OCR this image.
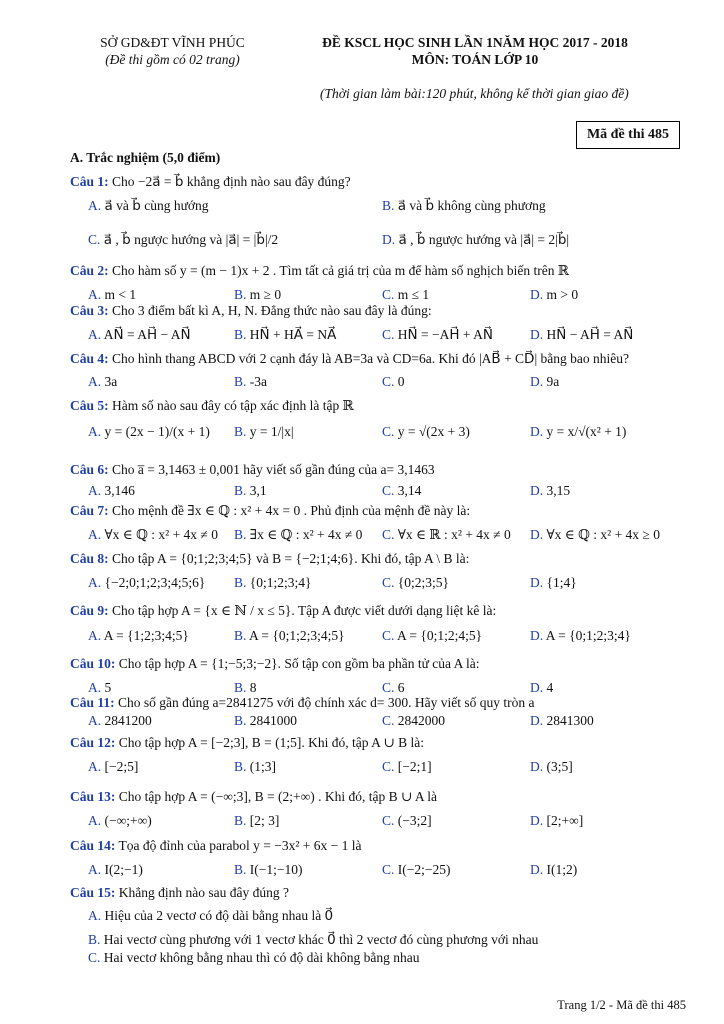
SỞ GD&ĐT VĨNH PHÚC
(Đề thi gồm có 02 trang)
ĐỀ KSCL HỌC SINH LẦN 1NĂM HỌC 2017 - 2018
MÔN: TOÁN LỚP 10
(Thời gian làm bài:120 phút, không kể thời gian giao đề)
Mã đề thi 485
A. Trắc nghiệm (5,0 điểm)
Câu 1: Cho −2a⃗ = b⃗ khẳng định nào sau đây đúng?
A. a⃗ và b⃗ cùng hướng	B. a⃗ và b⃗ không cùng phương
C. a⃗ , b⃗ ngược hướng và |a⃗| = |b⃗|/2	D. a⃗ , b⃗ ngược hướng và |a⃗| = 2|b⃗|
Câu 2: Cho hàm số y = (m − 1)x + 2 . Tìm tất cả giá trị của m để hàm số nghịch biến trên ℝ
A. m < 1	B. m ≥ 0	C. m ≤ 1	D. m > 0
Câu 3: Cho 3 điểm bất kì A, H, N. Đẳng thức nào sau đây là đúng:
A. AN⃗ = AH⃗ − AN⃗	B. HN⃗ + HA⃗ = NA⃗	C. HN⃗ = −AH⃗ + AN⃗	D. HN⃗ − AH⃗ = AN⃗
Câu 4: Cho hình thang ABCD với 2 cạnh đáy là AB=3a và CD=6a. Khi đó |AB⃗ + CD⃗| bằng bao nhiêu?
A. 3a	B. -3a	C. 0	D. 9a
Câu 5: Hàm số nào sau đây có tập xác định là tập ℝ
A. y = (2x − 1)/(x + 1) B. y = 1/|x|	C. y = √(2x + 3)	D. y = x/√(x² + 1)
Câu 6: Cho a̅ = 3,1463 ± 0,001 hãy viết số gần đúng của a= 3,1463
A. 3,146	B. 3,1	C. 3,14	D. 3,15
Câu 7: Cho mệnh đề ∃x ∈ ℚ : x² + 4x = 0 . Phủ định của mệnh đề này là:
A. ∀x ∈ ℚ : x² + 4x ≠ 0 B. ∃x ∈ ℚ : x² + 4x ≠ 0 C. ∀x ∈ ℝ : x² + 4x ≠ 0 D. ∀x ∈ ℚ : x² + 4x ≥ 0
Câu 8: Cho tập A = {0;1;2;3;4;5} và B = {−2;1;4;6}. Khi đó, tập A \ B là:
A. {−2;0;1;2;3;4;5;6} B. {0;1;2;3;4}	C. {0;2;3;5}	D. {1;4}
Câu 9: Cho tập hợp A = {x ∈ ℕ / x ≤ 5}. Tập A được viết dưới dạng liệt kê là:
A. A = {1;2;3;4;5}	B. A = {0;1;2;3;4;5}	C. A = {0;1;2;4;5}	D. A = {0;1;2;3;4}
Câu 10: Cho tập hợp A = {1;−5;3;−2}. Số tập con gồm ba phần tử của A là:
A. 5	B. 8	C. 6	D. 4
Câu 11: Cho số gần đúng a=2841275 với độ chính xác d= 300. Hãy viết số quy tròn a
A. 2841200	B. 2841000	C. 2842000	D. 2841300
Câu 12: Cho tập hợp A = [−2;3], B = (1;5]. Khi đó, tập A ∪ B là:
A. [−2;5]	B. (1;3]	C. [−2;1]	D. (3;5]
Câu 13: Cho tập hợp A = (−∞;3], B = (2;+∞) . Khi đó, tập B ∪ A là
A. (−∞;+∞)	B. [2; 3]	C. (−3;2]	D. [2;+∞]
Câu 14: Tọa độ đỉnh của parabol y = −3x² + 6x − 1 là
A. I(2;−1)	B. I(−1;−10)	C. I(−2;−25)	D. I(1;2)
Câu 15: Khẳng định nào sau đây đúng ?
A. Hiệu của 2 vectơ có độ dài bằng nhau là 0⃗
B. Hai vectơ cùng phương với 1 vectơ khác 0⃗ thì 2 vectơ đó cùng phương với nhau
C. Hai vectơ không bằng nhau thì có độ dài không bằng nhau
Trang 1/2 - Mã đề thi 485
